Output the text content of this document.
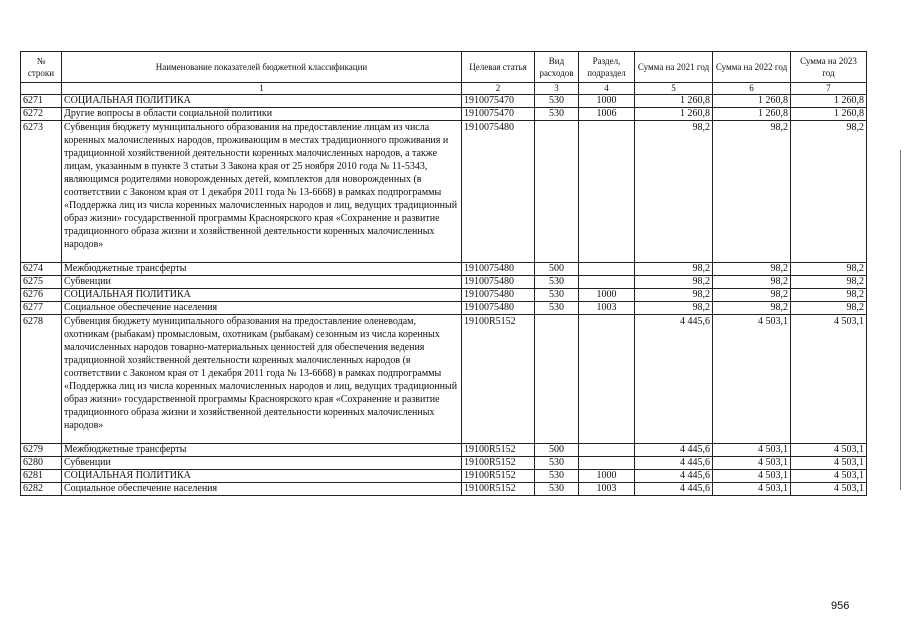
№ строки	Наименование показателей бюджетной классификации	Целевая статья	Вид расходов	Раздел, подраздел	Сумма на 2021 год	Сумма на 2022 год	Сумма на 2023 год
	1	2	3	4	5	6	7
6271	СОЦИАЛЬНАЯ ПОЛИТИКА	1910075470	530	1000	1 260,8	1 260,8	1 260,8
6272	Другие вопросы в области социальной политики	1910075470	530	1006	1 260,8	1 260,8	1 260,8
6273	Субвенция бюджету муниципального образования на предоставление лицам из числа коренных малочисленных народов, проживающим в местах традиционного проживания и традиционной хозяйственной деятельности коренных малочисленных народов, а также лицам, указанным в пункте 3 статьи 3 Закона края от 25 ноября 2010 года № 11-5343, являющимся родителями новорожденных детей, комплектов для новорожденных (в соответствии с Законом края от 1 декабря 2011 года № 13-6668) в рамках подпрограммы «Поддержка лиц из числа коренных малочисленных народов и лиц, ведущих традиционный образ жизни» государственной программы Красноярского края «Сохранение и развитие традиционного образа жизни и хозяйственной деятельности коренных малочисленных народов»	1910075480			98,2	98,2	98,2
6274	Межбюджетные трансферты	1910075480	500		98,2	98,2	98,2
6275	Субвенции	1910075480	530		98,2	98,2	98,2
6276	СОЦИАЛЬНАЯ ПОЛИТИКА	1910075480	530	1000	98,2	98,2	98,2
6277	Социальное обеспечение населения	1910075480	530	1003	98,2	98,2	98,2
6278	Субвенция бюджету муниципального образования на предоставление оленеводам, охотникам (рыбакам) промысловым, охотникам (рыбакам) сезонным из числа коренных малочисленных народов товарно-материальных ценностей для обеспечения ведения традиционной хозяйственной деятельности коренных малочисленных народов (в соответствии с Законом края от 1 декабря 2011 года № 13-6668) в рамках подпрограммы «Поддержка лиц из числа коренных малочисленных народов и лиц, ведущих традиционный образ жизни» государственной программы Красноярского края «Сохранение и развитие традиционного образа жизни и хозяйственной деятельности коренных малочисленных народов»	19100R5152			4 445,6	4 503,1	4 503,1
6279	Межбюджетные трансферты	19100R5152	500		4 445,6	4 503,1	4 503,1
6280	Субвенции	19100R5152	530		4 445,6	4 503,1	4 503,1
6281	СОЦИАЛЬНАЯ ПОЛИТИКА	19100R5152	530	1000	4 445,6	4 503,1	4 503,1
6282	Социальное обеспечение населения	19100R5152	530	1003	4 445,6	4 503,1	4 503,1
956
